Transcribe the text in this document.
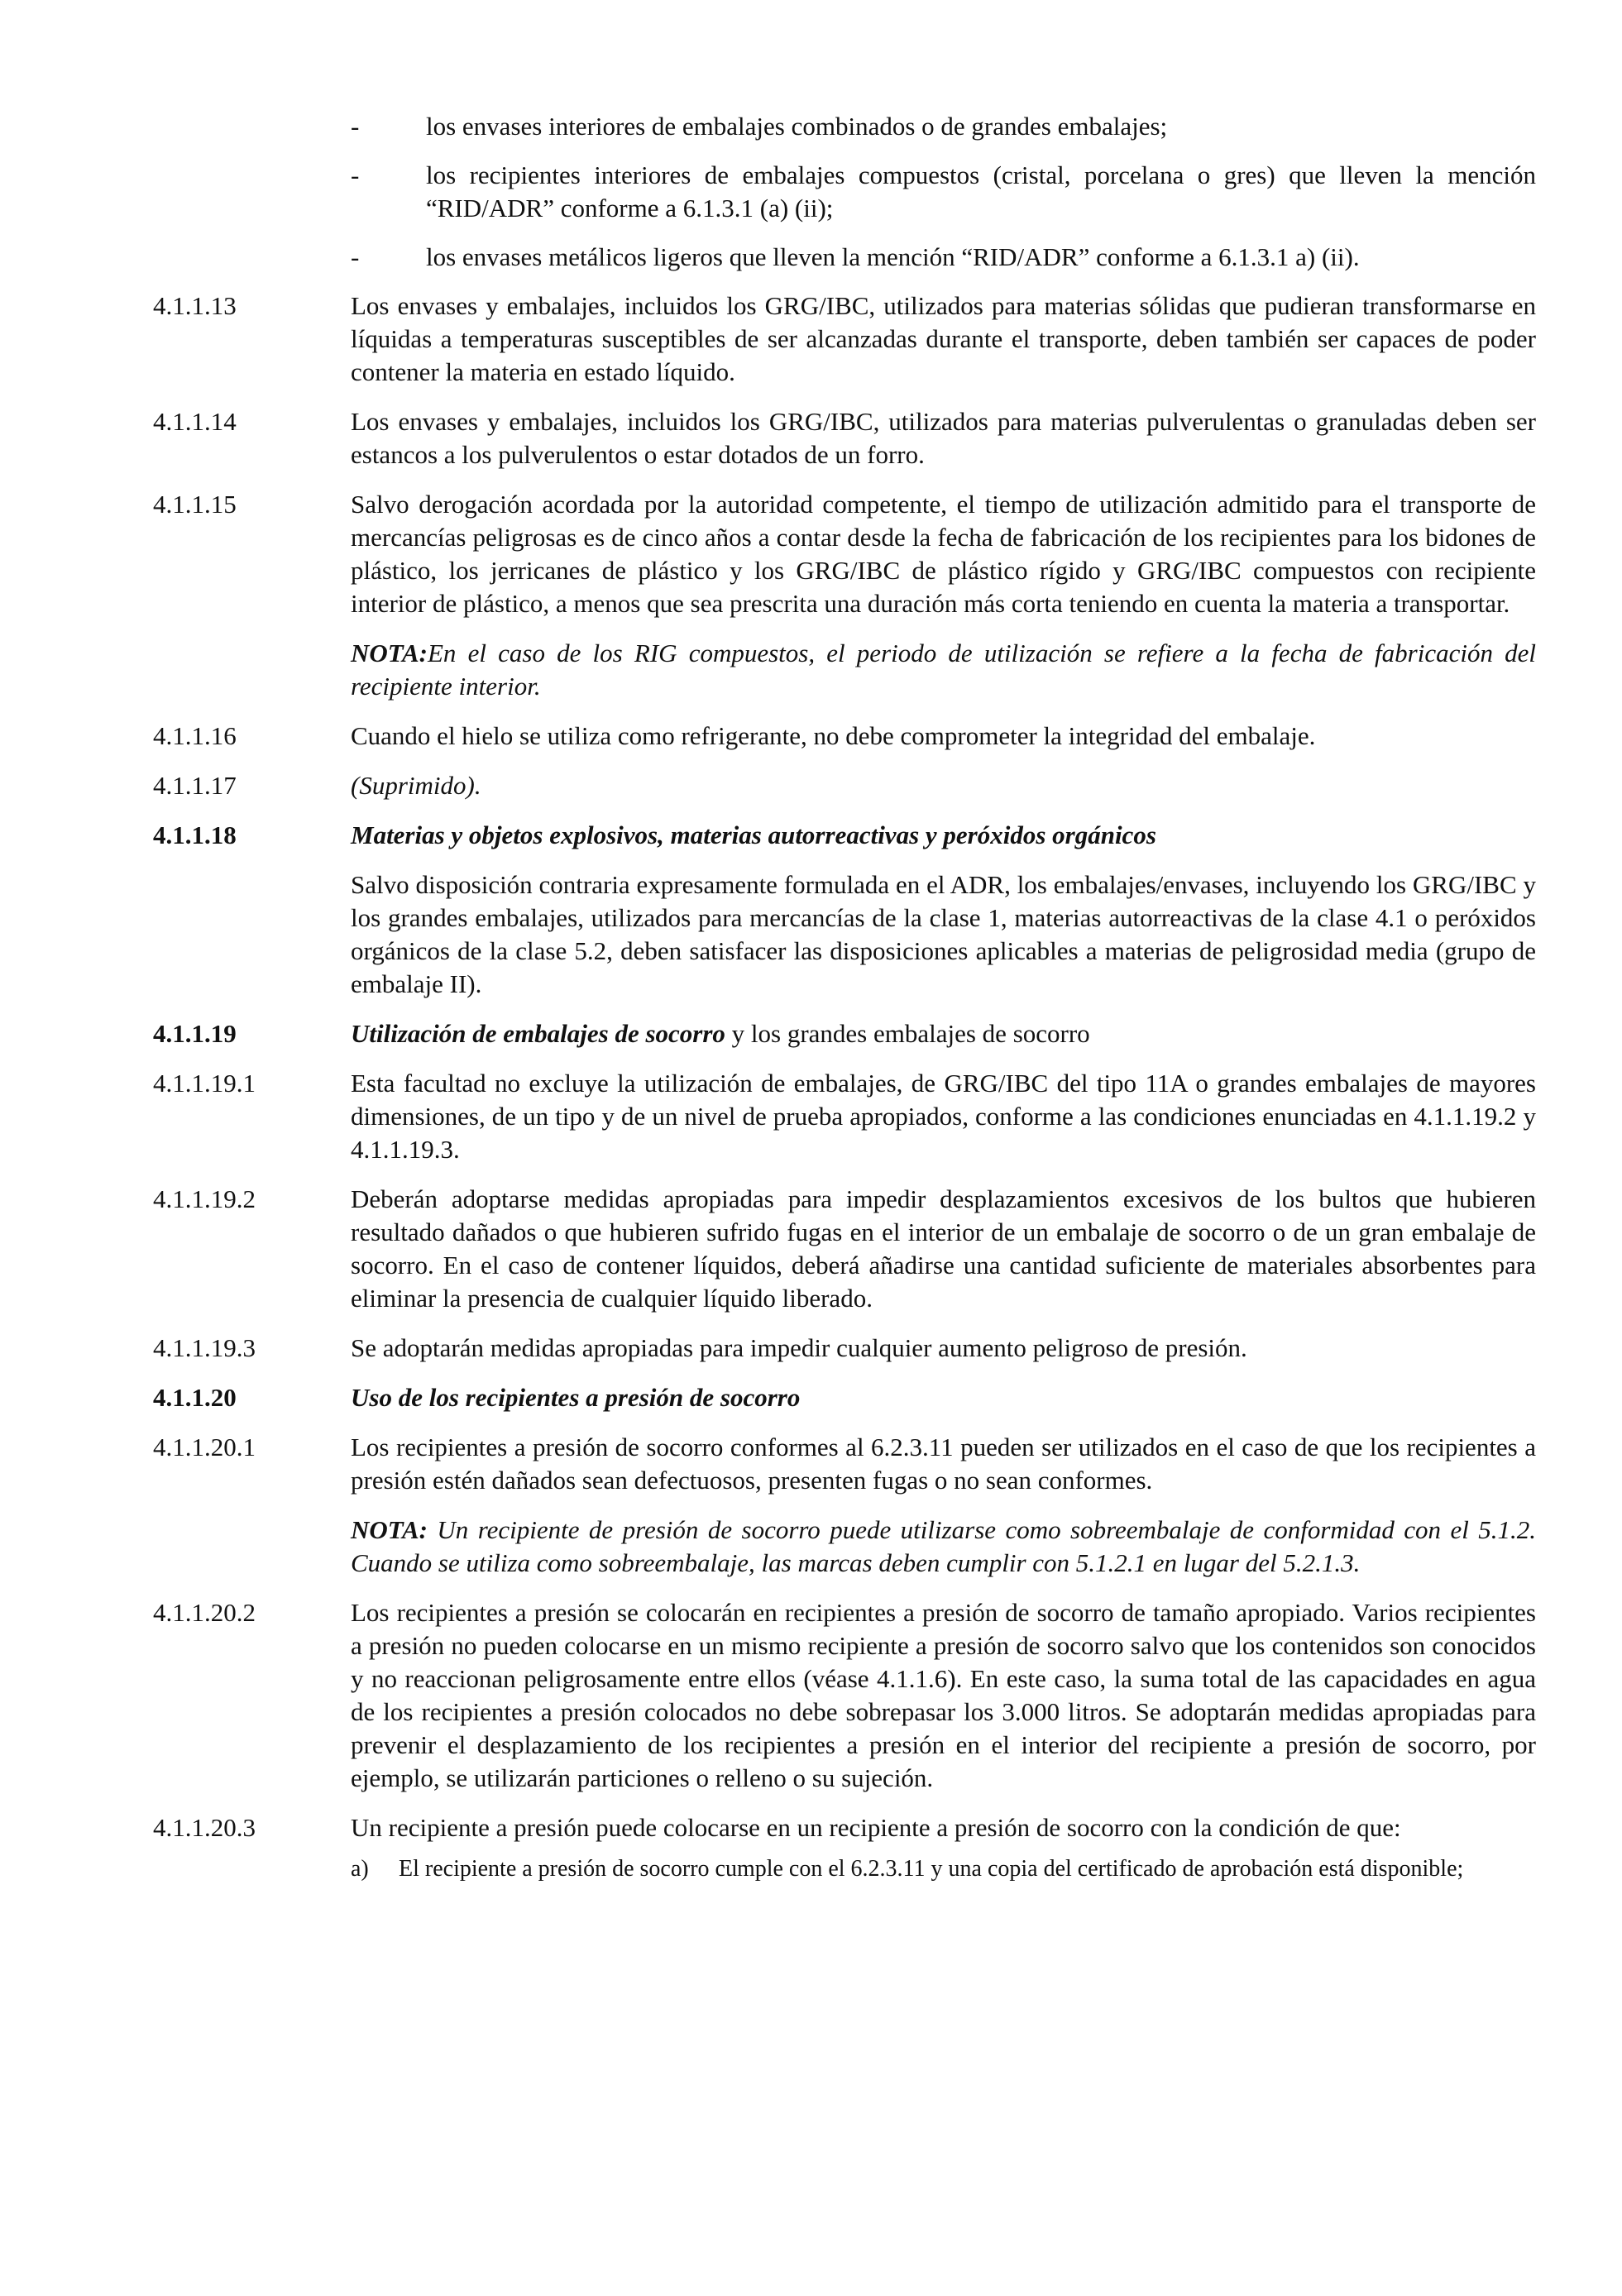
-	los envases interiores de embalajes combinados o de grandes embalajes;
-	los recipientes interiores de embalajes compuestos (cristal, porcelana o gres) que lleven la mención “RID/ADR” conforme a 6.1.3.1 (a) (ii);
-	los envases metálicos ligeros que lleven la mención “RID/ADR” conforme a 6.1.3.1 a) (ii).
4.1.1.13	Los envases y embalajes, incluidos los GRG/IBC, utilizados para materias sólidas que pudieran transformarse en líquidas a temperaturas susceptibles de ser alcanzadas durante el transporte, deben también ser capaces de poder contener la materia en estado líquido.
4.1.1.14	Los envases y embalajes, incluidos los GRG/IBC, utilizados para materias pulverulentas o granuladas deben ser estancos a los pulverulentos o estar dotados de un forro.
4.1.1.15	Salvo derogación acordada por la autoridad competente, el tiempo de utilización admitido para el transporte de mercancías peligrosas es de cinco años a contar desde la fecha de fabricación de los recipientes para los bidones de plástico, los jerricanes de plástico y los GRG/IBC de plástico rígido y GRG/IBC compuestos con recipiente interior de plástico, a menos que sea prescrita una duración más corta teniendo en cuenta la materia a transportar.
NOTA:En el caso de los RIG compuestos, el periodo de utilización se refiere a la fecha de fabricación del recipiente interior.
4.1.1.16	Cuando el hielo se utiliza como refrigerante, no debe comprometer la integridad del embalaje.
4.1.1.17	(Suprimido).
4.1.1.18	Materias y objetos explosivos, materias autorreactivas y peróxidos orgánicos
Salvo disposición contraria expresamente formulada en el ADR, los embalajes/envases, incluyendo los GRG/IBC y los grandes embalajes, utilizados para mercancías de la clase 1, materias autorreactivas de la clase 4.1 o peróxidos orgánicos de la clase 5.2, deben satisfacer las disposiciones aplicables a materias de peligrosidad media (grupo de embalaje II).
4.1.1.19	Utilización de embalajes de socorro y los grandes embalajes de socorro
4.1.1.19.1	Esta facultad no excluye la utilización de embalajes, de GRG/IBC del tipo 11A o grandes embalajes de mayores dimensiones, de un tipo y de un nivel de prueba apropiados, conforme a las condiciones enunciadas en 4.1.1.19.2 y 4.1.1.19.3.
4.1.1.19.2	Deberán adoptarse medidas apropiadas para impedir desplazamientos excesivos de los bultos que hubieren resultado dañados o que hubieren sufrido fugas en el interior de un embalaje de socorro o de un gran embalaje de socorro. En el caso de contener líquidos, deberá añadirse una cantidad suficiente de materiales absorbentes para eliminar la presencia de cualquier líquido liberado.
4.1.1.19.3	Se adoptarán medidas apropiadas para impedir cualquier aumento peligroso de presión.
4.1.1.20	Uso de los recipientes a presión de socorro
4.1.1.20.1	Los recipientes a presión de socorro conformes al 6.2.3.11 pueden ser utilizados en el caso de que los recipientes a presión estén dañados sean defectuosos, presenten fugas o no sean conformes.
NOTA: Un recipiente de presión de socorro puede utilizarse como sobreembalaje de conformidad con el 5.1.2. Cuando se utiliza como sobreembalaje, las marcas deben cumplir con 5.1.2.1 en lugar del 5.2.1.3.
4.1.1.20.2	Los recipientes a presión se colocarán en recipientes a presión de socorro de tamaño apropiado. Varios recipientes a presión no pueden colocarse en un mismo recipiente a presión de socorro salvo que los contenidos son conocidos y no reaccionan peligrosamente entre ellos (véase 4.1.1.6). En este caso, la suma total de las capacidades en agua de los recipientes a presión colocados no debe sobrepasar los 3.000 litros. Se adoptarán medidas apropiadas para prevenir el desplazamiento de los recipientes a presión en el interior del recipiente a presión de socorro, por ejemplo, se utilizarán particiones o relleno o su sujeción.
4.1.1.20.3	Un recipiente a presión puede colocarse en un recipiente a presión de socorro con la condición de que:

a)	El recipiente a presión de socorro cumple con el 6.2.3.11 y una copia del certificado de aprobación está disponible;
